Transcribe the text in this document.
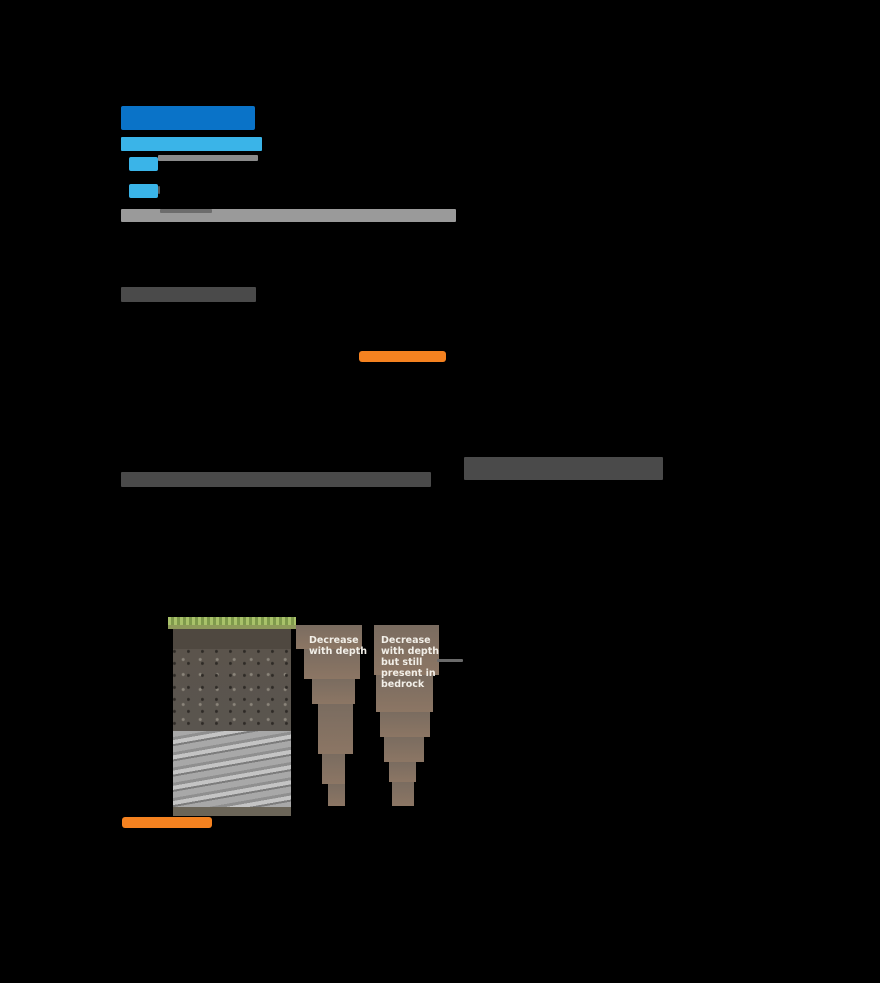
Decrease with depth
Decrease with depth but still present in bedrock
